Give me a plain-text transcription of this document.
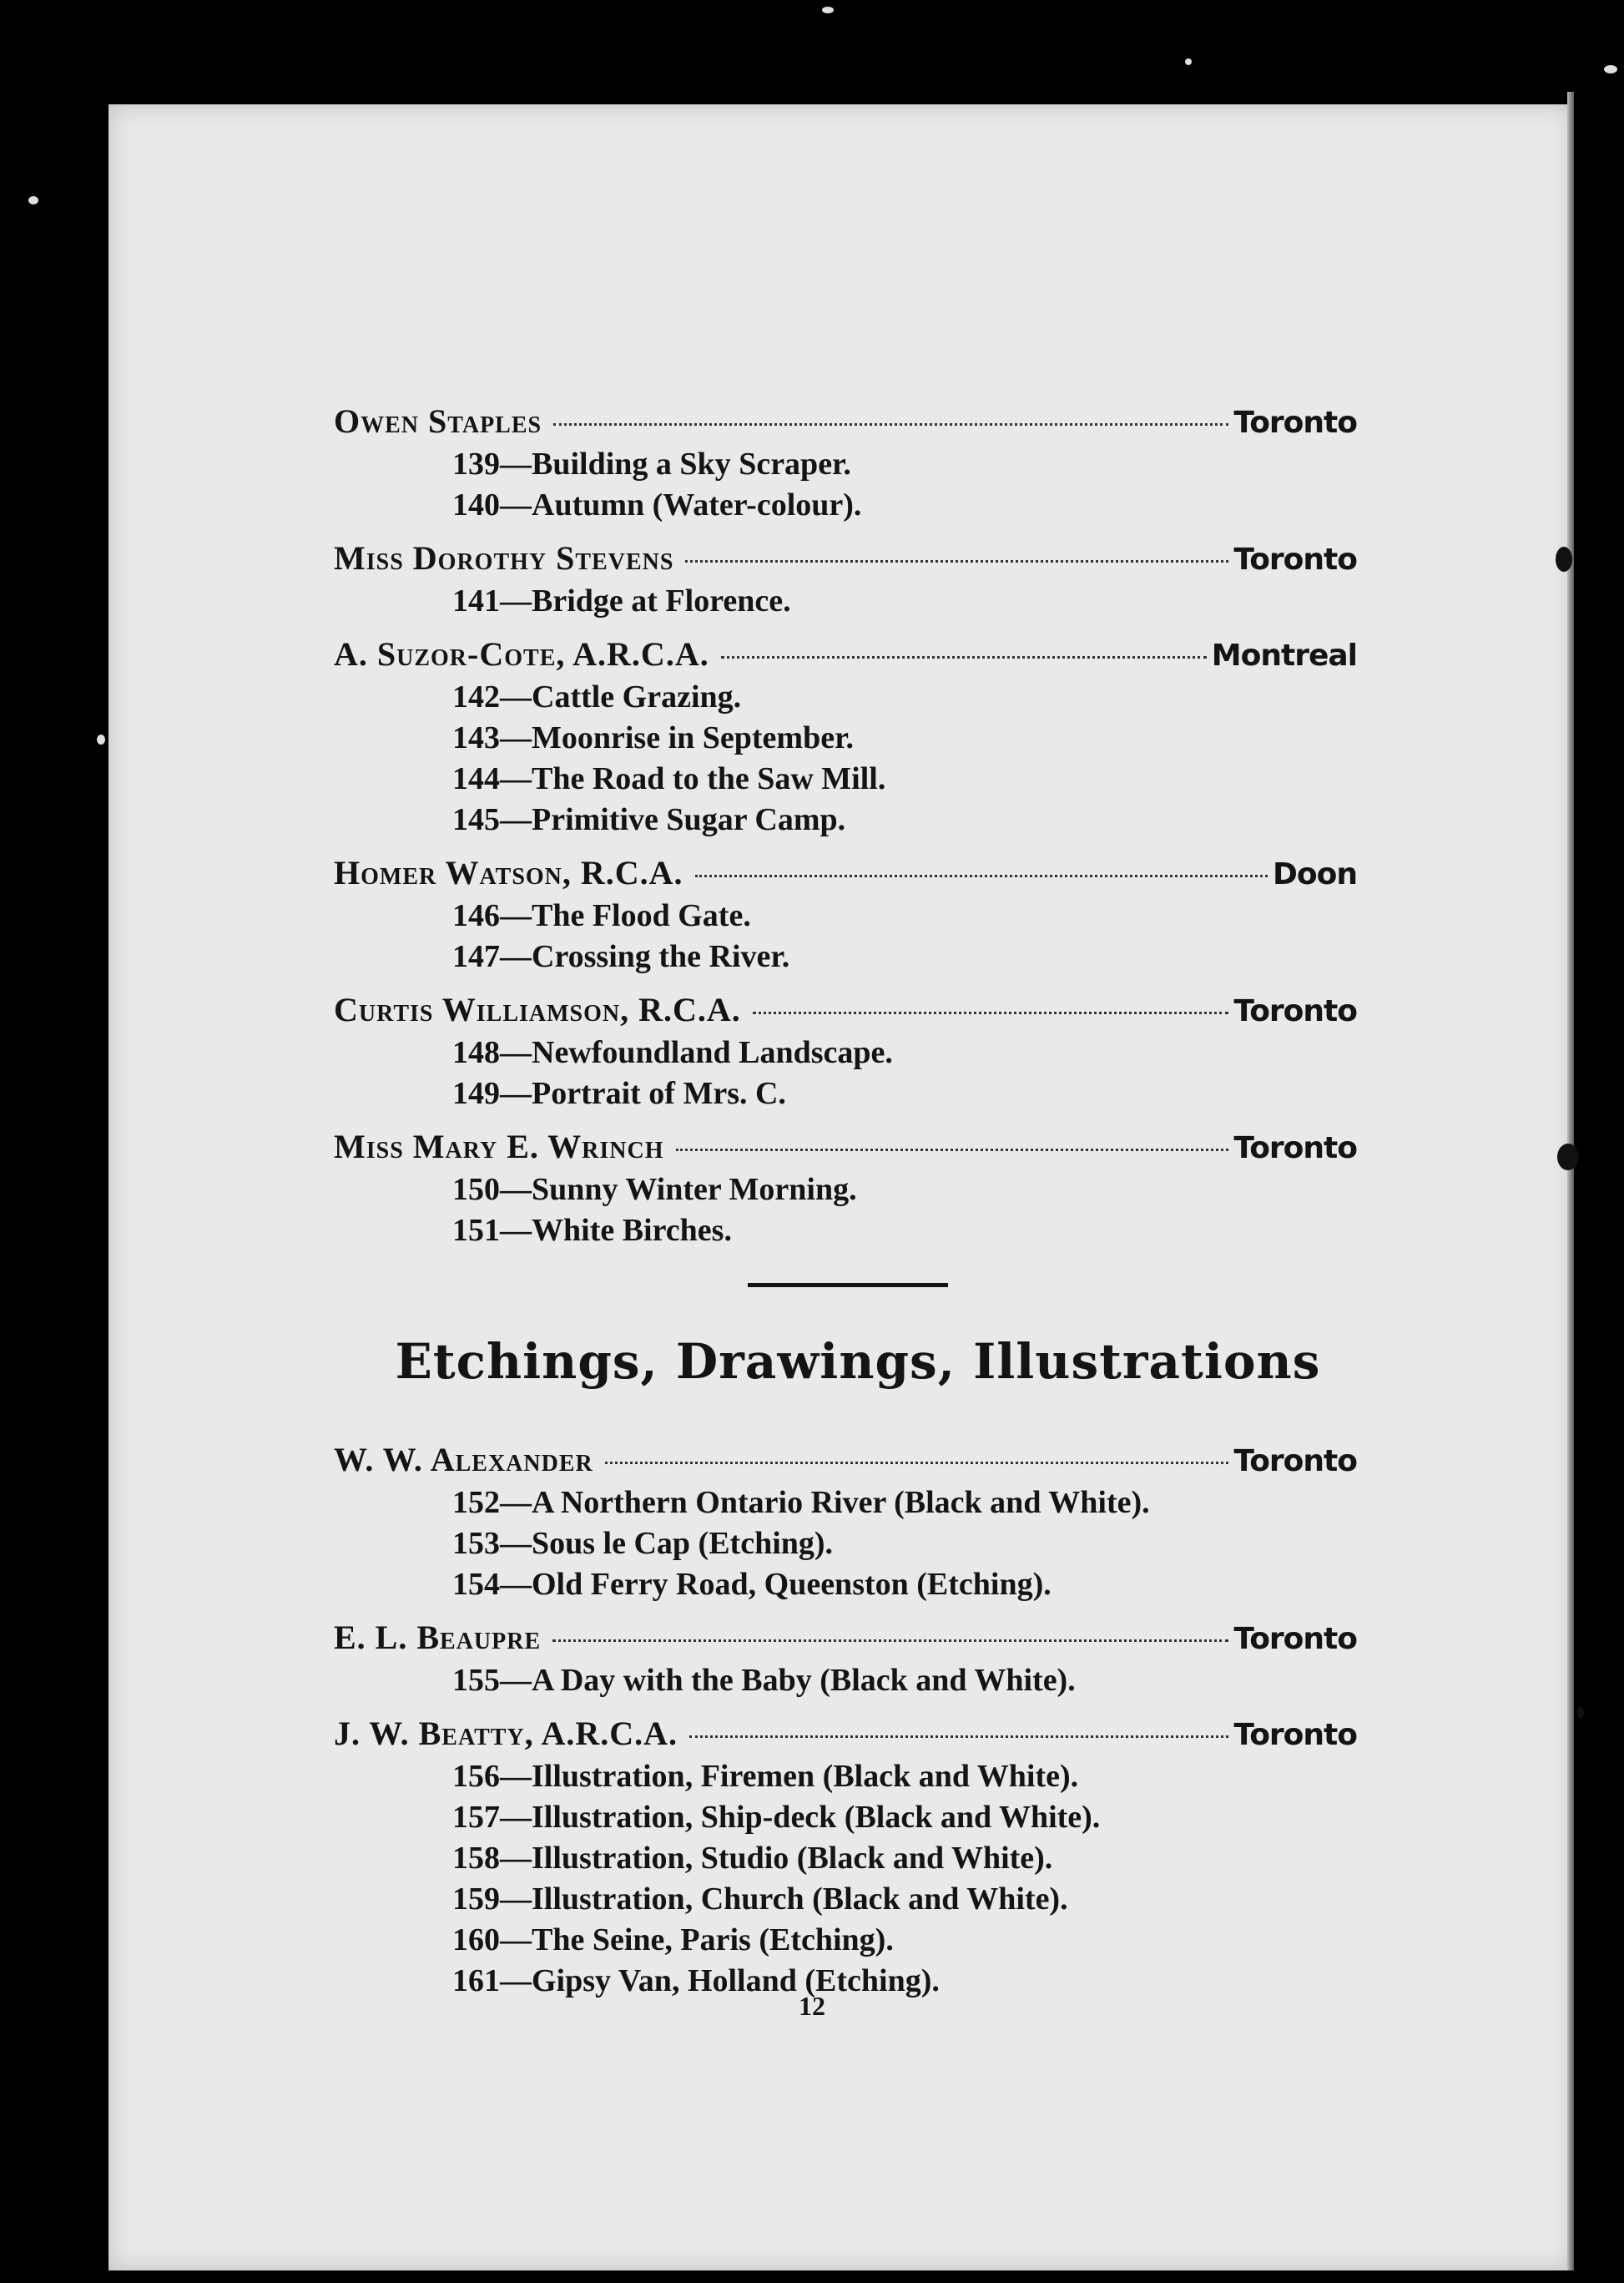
Owen Staples	Toronto
139—Building a Sky Scraper.
140—Autumn (Water-colour).
Miss Dorothy Stevens	Toronto
141—Bridge at Florence.
A. Suzor-Cote, A.R.C.A.	Montreal
142—Cattle Grazing.
143—Moonrise in September.
144—The Road to the Saw Mill.
145—Primitive Sugar Camp.
Homer Watson, R.C.A.	Doon
146—The Flood Gate.
147—Crossing the River.
Curtis Williamson, R.C.A.	Toronto
148—Newfoundland Landscape.
149—Portrait of Mrs. C.
Miss Mary E. Wrinch	Toronto
150—Sunny Winter Morning.
151—White Birches.
Etchings, Drawings, Illustrations
W. W. Alexander	Toronto
152—A Northern Ontario River (Black and White).
153—Sous le Cap (Etching).
154—Old Ferry Road, Queenston (Etching).
E. L. Beaupre	Toronto
155—A Day with the Baby (Black and White).
J. W. Beatty, A.R.C.A.	Toronto
156—Illustration, Firemen (Black and White).
157—Illustration, Ship-deck (Black and White).
158—Illustration, Studio (Black and White).
159—Illustration, Church (Black and White).
160—The Seine, Paris (Etching).
161—Gipsy Van, Holland (Etching).
12
